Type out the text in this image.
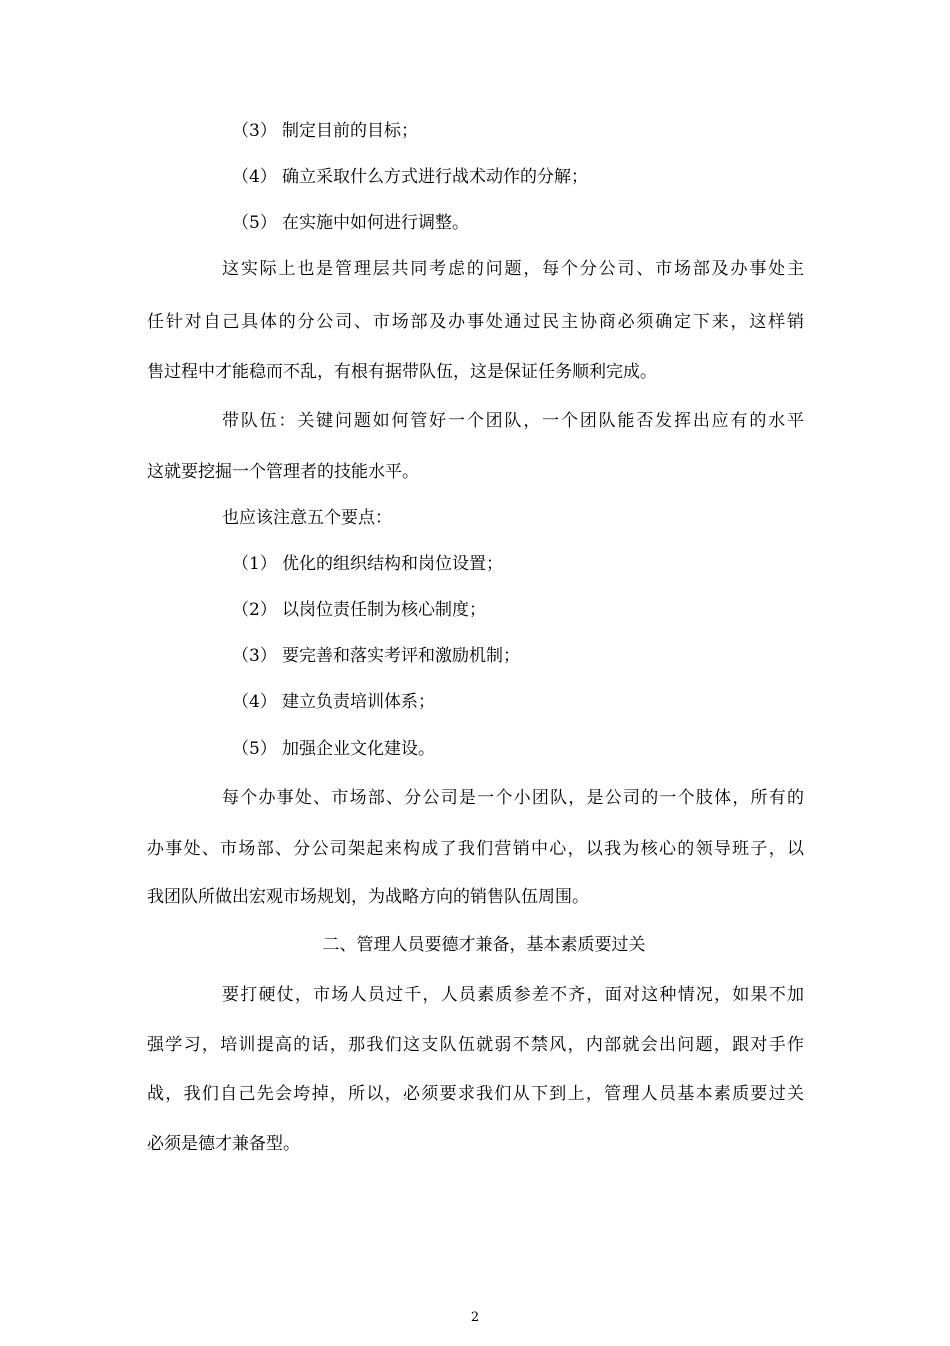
（3） 制定目前的目标；

（4） 确立采取什么方式进行战术动作的分解；

（5） 在实施中如何进行调整。

这实际上也是管理层共同考虑的问题，每个分公司、市场部及办事处主

任针对自己具体的分公司、市场部及办事处通过民主协商必须确定下来，这样销

售过程中才能稳而不乱，有根有据带队伍，这是保证任务顺利完成。

带队伍：关键问题如何管好一个团队，一个团队能否发挥出应有的水平

这就要挖掘一个管理者的技能水平。

也应该注意五个要点：

（1） 优化的组织结构和岗位设置；

（2） 以岗位责任制为核心制度；

（3） 要完善和落实考评和激励机制；

（4） 建立负责培训体系；

（5） 加强企业文化建设。

每个办事处、市场部、分公司是一个小团队，是公司的一个肢体，所有的

办事处、市场部、分公司架起来构成了我们营销中心，以我为核心的领导班子，以

我团队所做出宏观市场规划，为战略方向的销售队伍周围。

二、管理人员要德才兼备，基本素质要过关

要打硬仗，市场人员过千，人员素质参差不齐，面对这种情况，如果不加

强学习，培训提高的话，那我们这支队伍就弱不禁风，内部就会出问题，跟对手作

战，我们自己先会垮掉，所以，必须要求我们从下到上，管理人员基本素质要过关

必须是德才兼备型。

2
